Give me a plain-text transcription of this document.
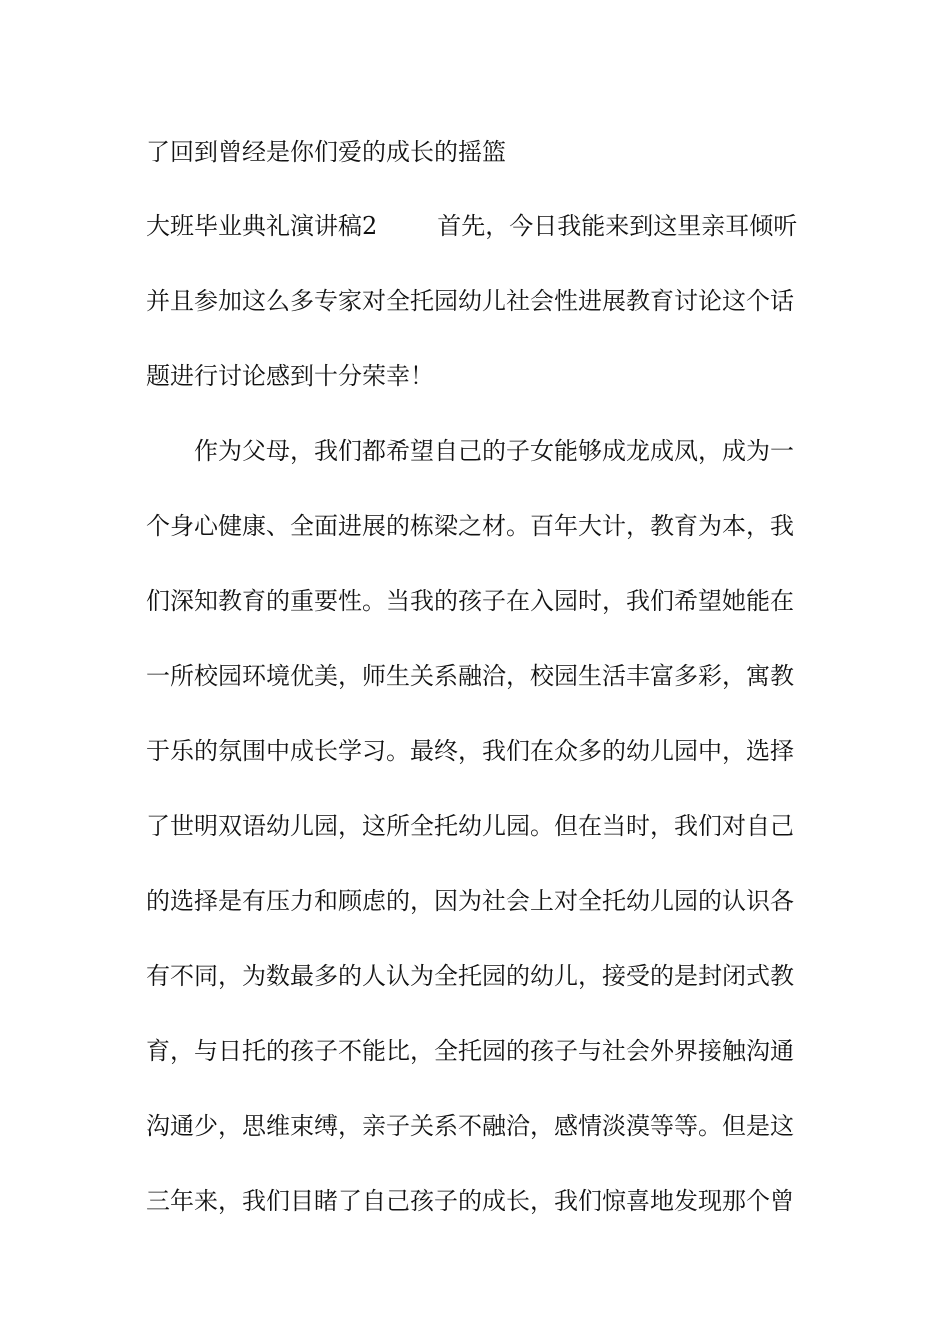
了回到曾经是你们爱的成长的摇篮
大班毕业典礼演讲稿2	首先，今日我能来到这里亲耳倾听
并且参加这么多专家对全托园幼儿社会性进展教育讨论这个话
题进行讨论感到十分荣幸！
作为父母，我们都希望自己的子女能够成龙成凤，成为一
个身心健康、全面进展的栋梁之材。百年大计，教育为本，我
们深知教育的重要性。当我的孩子在入园时，我们希望她能在
一所校园环境优美，师生关系融洽，校园生活丰富多彩，寓教
于乐的氛围中成长学习。最终，我们在众多的幼儿园中，选择
了世明双语幼儿园，这所全托幼儿园。但在当时，我们对自己
的选择是有压力和顾虑的，因为社会上对全托幼儿园的认识各
有不同，为数最多的人认为全托园的幼儿，接受的是封闭式教
育，与日托的孩子不能比，全托园的孩子与社会外界接触沟通
沟通少，思维束缚，亲子关系不融洽，感情淡漠等等。但是这
三年来，我们目睹了自己孩子的成长，我们惊喜地发现那个曾
